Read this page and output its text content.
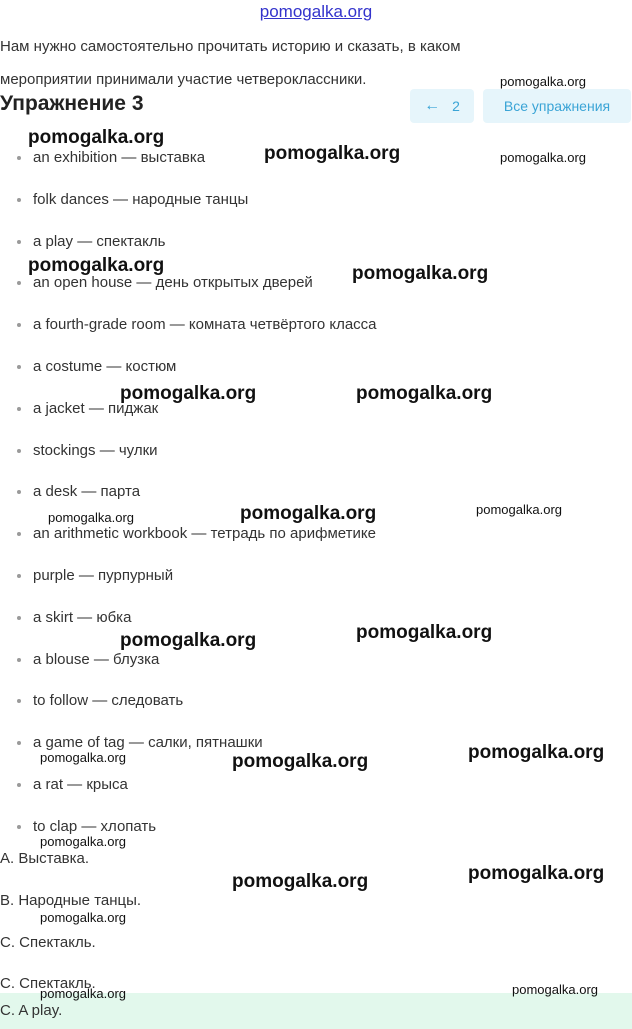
pomogalka.org

Нам нужно самостоятельно прочитать историю и сказать, в каком

мероприятии принимали участие четвероклассники.

Упражнение 3	← 2	Все упражнения
an exhibition — выставка
folk dances — народные танцы
a play — спектакль
an open house — день открытых дверей
a fourth-grade room — комната четвёртого класса
a costume — костюм
a jacket — пиджак
stockings — чулки
a desk — парта
an arithmetic workbook — тетрадь по арифметике
purple — пурпурный
a skirt — юбка
a blouse — блузка
to follow — следовать
a game of tag — салки, пятнашки
a rat — крыса
to clap — хлопать
A. Выставка.
B. Народные танцы.
C. Спектакль.
C. Спектакль.
C. A play.
pomogalka.org
pomogalka.org
pomogalka.org	pomogalka.org
pomogalka.org	pomogalka.org
pomogalka.org	pomogalka.org
pomogalka.org	pomogalka.org	pomogalka.org
pomogalka.org	pomogalka.org
pomogalka.org	pomogalka.org	pomogalka.org
pomogalka.org
pomogalka.org	pomogalka.org
pomogalka.org
pomogalka.org	pomogalka.org
